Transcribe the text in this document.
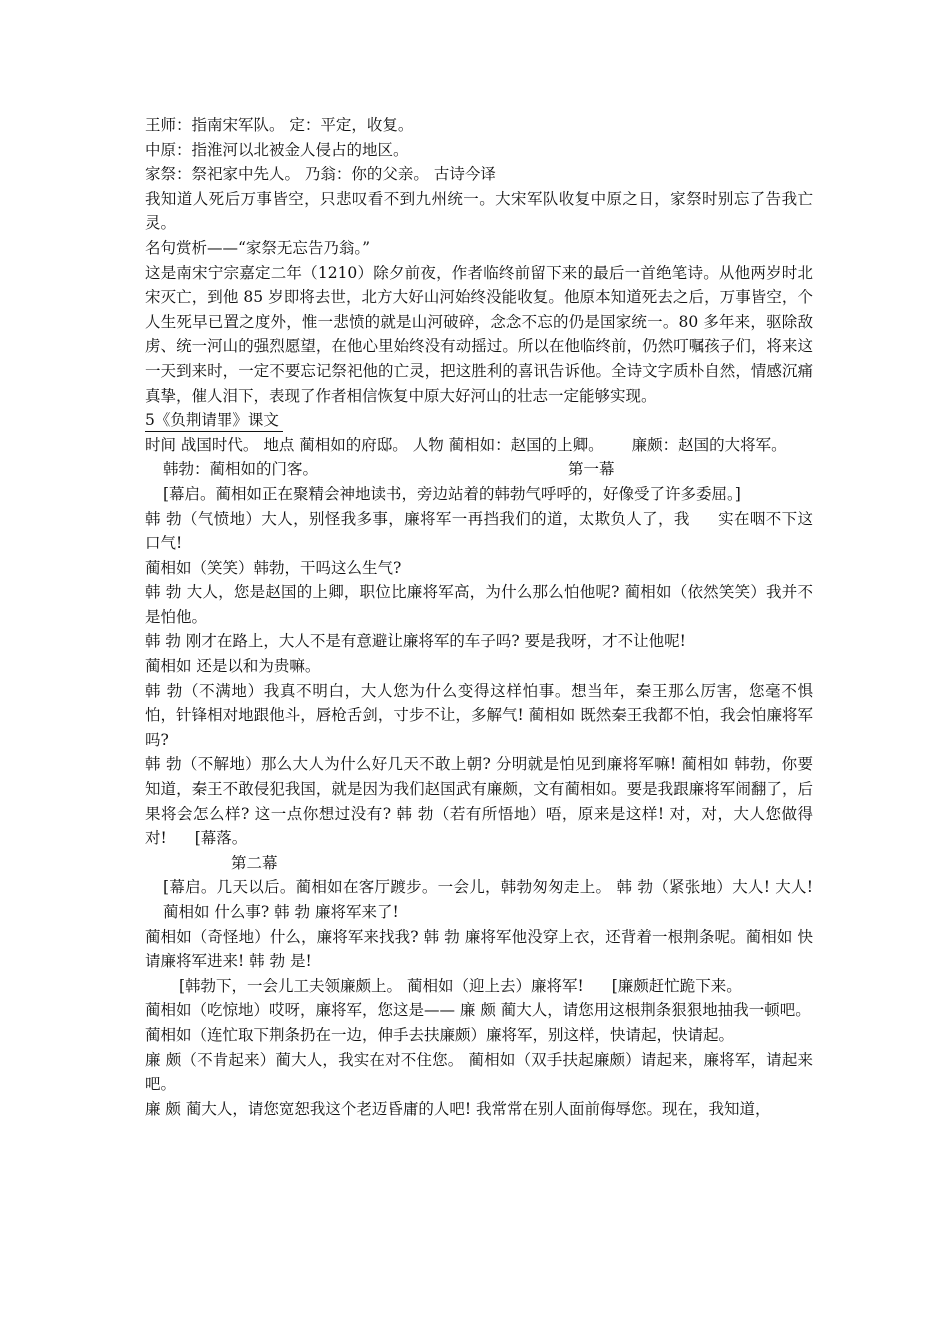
王师：指南宋军队。 定：平定，收复。

中原：指淮河以北被金人侵占的地区。

家祭：祭祀家中先人。 乃翁：你的父亲。 古诗今译

我知道人死后万事皆空，只悲叹看不到九州统一。大宋军队收复中原之日，家祭时别忘了告我亡灵。

名句赏析——“家祭无忘告乃翁。”

这是南宋宁宗嘉定二年（1210）除夕前夜，作者临终前留下来的最后一首绝笔诗。从他两岁时北宋灭亡，到他 85 岁即将去世，北方大好山河始终没能收复。他原本知道死去之后，万事皆空，个人生死早已置之度外，惟一悲愤的就是山河破碎，念念不忘的仍是国家统一。80 多年来，驱除敌虏、统一河山的强烈愿望，在他心里始终没有动摇过。所以在他临终前，仍然叮嘱孩子们，将来这一天到来时，一定不要忘记祭祀他的亡灵，把这胜利的喜讯告诉他。全诗文字质朴自然，情感沉痛真挚，催人泪下，表现了作者相信恢复中原大好河山的壮志一定能够实现。

5《负荆请罪》课文

时间 战国时代。 地点 蔺相如的府邸。 人物 蔺相如：赵国的上卿。 廉颇：赵国的大将军。

韩勃：蔺相如的门客。	第一幕

[幕启。蔺相如正在聚精会神地读书，旁边站着的韩勃气呼呼的，好像受了许多委屈。]

韩 勃（气愤地）大人，别怪我多事，廉将军一再挡我们的道，太欺负人了，我 实在咽不下这口气!

蔺相如（笑笑）韩勃，干吗这么生气?

韩 勃 大人，您是赵国的上卿，职位比廉将军高，为什么那么怕他呢? 蔺相如（依然笑笑）我并不是怕他。

韩 勃 刚才在路上，大人不是有意避让廉将军的车子吗? 要是我呀，才不让他呢!

蔺相如 还是以和为贵嘛。

韩 勃（不满地）我真不明白，大人您为什么变得这样怕事。想当年，秦王那么厉害，您毫不惧怕，针锋相对地跟他斗，唇枪舌剑，寸步不让，多解气! 蔺相如 既然秦王我都不怕，我会怕廉将军吗?

韩 勃（不解地）那么大人为什么好几天不敢上朝? 分明就是怕见到廉将军嘛! 蔺相如 韩勃，你要知道，秦王不敢侵犯我国，就是因为我们赵国武有廉颇，文有蔺相如。要是我跟廉将军闹翻了，后果将会怎么样? 这一点你想过没有? 韩 勃（若有所悟地）唔，原来是这样! 对，对，大人您做得对! [幕落。

第二幕

[幕启。几天以后。蔺相如在客厅踱步。一会儿，韩勃匆匆走上。 韩 勃（紧张地）大人! 大人! 蔺相如 什么事? 韩 勃 廉将军来了!

蔺相如（奇怪地）什么，廉将军来找我? 韩 勃 廉将军他没穿上衣，还背着一根荆条呢。蔺相如 快请廉将军进来! 韩 勃 是!

[韩勃下，一会儿工夫领廉颇上。 蔺相如（迎上去）廉将军! [廉颇赶忙跪下来。

蔺相如（吃惊地）哎呀，廉将军，您这是—— 廉 颇 蔺大人，请您用这根荆条狠狠地抽我一顿吧。

蔺相如（连忙取下荆条扔在一边，伸手去扶廉颇）廉将军，别这样，快请起，快请起。

廉 颇（不肯起来）蔺大人，我实在对不住您。 蔺相如（双手扶起廉颇）请起来，廉将军，请起来吧。

廉 颇 蔺大人，请您宽恕我这个老迈昏庸的人吧! 我常常在别人面前侮辱您。现在，我知道，
